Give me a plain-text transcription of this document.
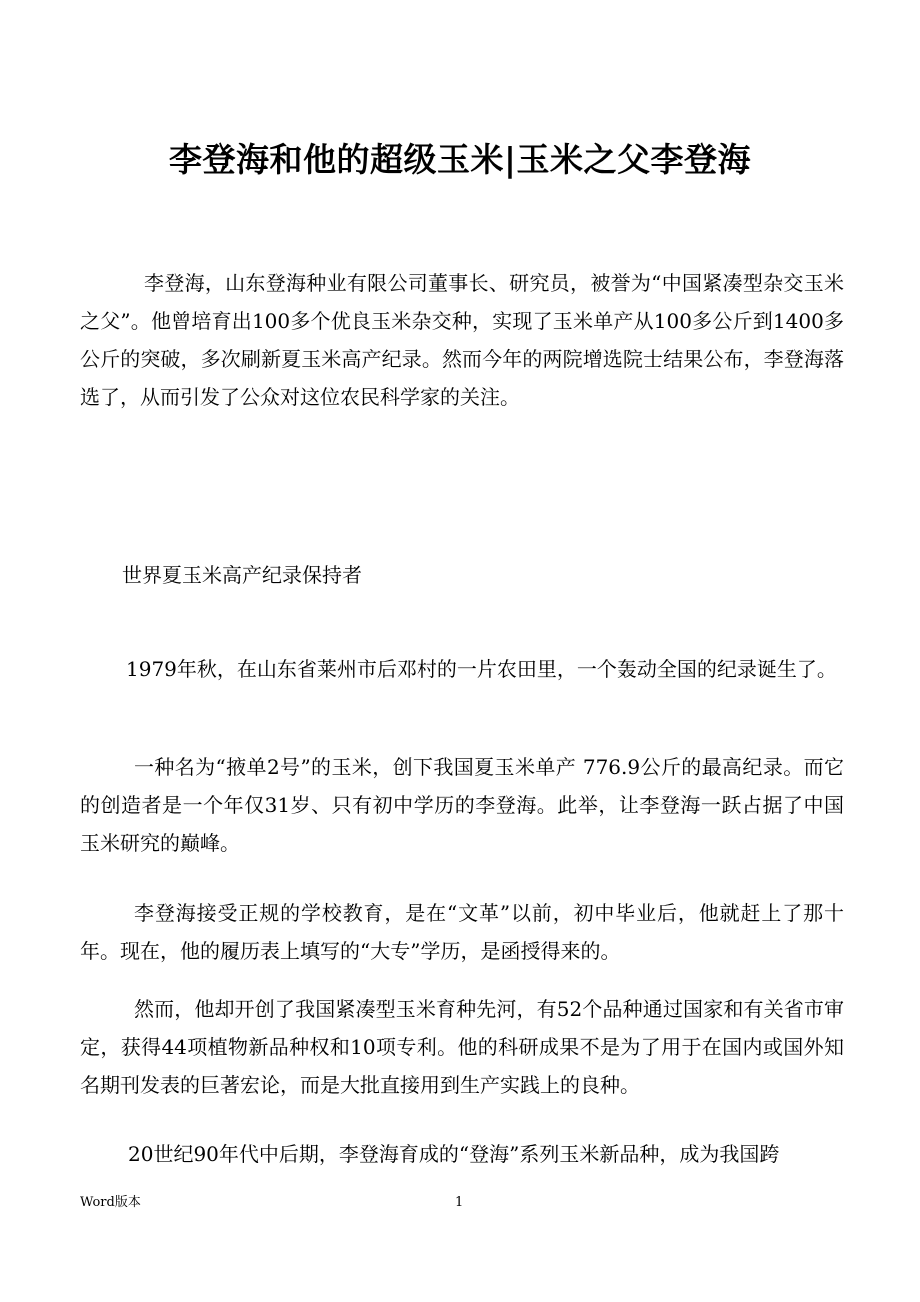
李登海和他的超级玉米|玉米之父李登海

李登海，山东登海种业有限公司董事长、研究员，被誉为“中国紧凑型杂交玉米之父”。他曾培育出100多个优良玉米杂交种，实现了玉米单产从100多公斤到1400多公斤的突破，多次刷新夏玉米高产纪录。然而今年的两院增选院士结果公布，李登海落选了，从而引发了公众对这位农民科学家的关注。

世界夏玉米高产纪录保持者

1979年秋，在山东省莱州市后邓村的一片农田里，一个轰动全国的纪录诞生了。

一种名为“掖单2号”的玉米，创下我国夏玉米单产 776.9公斤的最高纪录。而它的创造者是一个年仅31岁、只有初中学历的李登海。此举，让李登海一跃占据了中国玉米研究的巅峰。

李登海接受正规的学校教育，是在“文革”以前，初中毕业后，他就赶上了那十年。现在，他的履历表上填写的“大专”学历，是函授得来的。

然而，他却开创了我国紧凑型玉米育种先河，有52个品种通过国家和有关省市审定，获得44项植物新品种权和10项专利。他的科研成果不是为了用于在国内或国外知名期刊发表的巨著宏论，而是大批直接用到生产实践上的良种。

20世纪90年代中后期，李登海育成的“登海”系列玉米新品种，成为我国跨

Word版本	1
